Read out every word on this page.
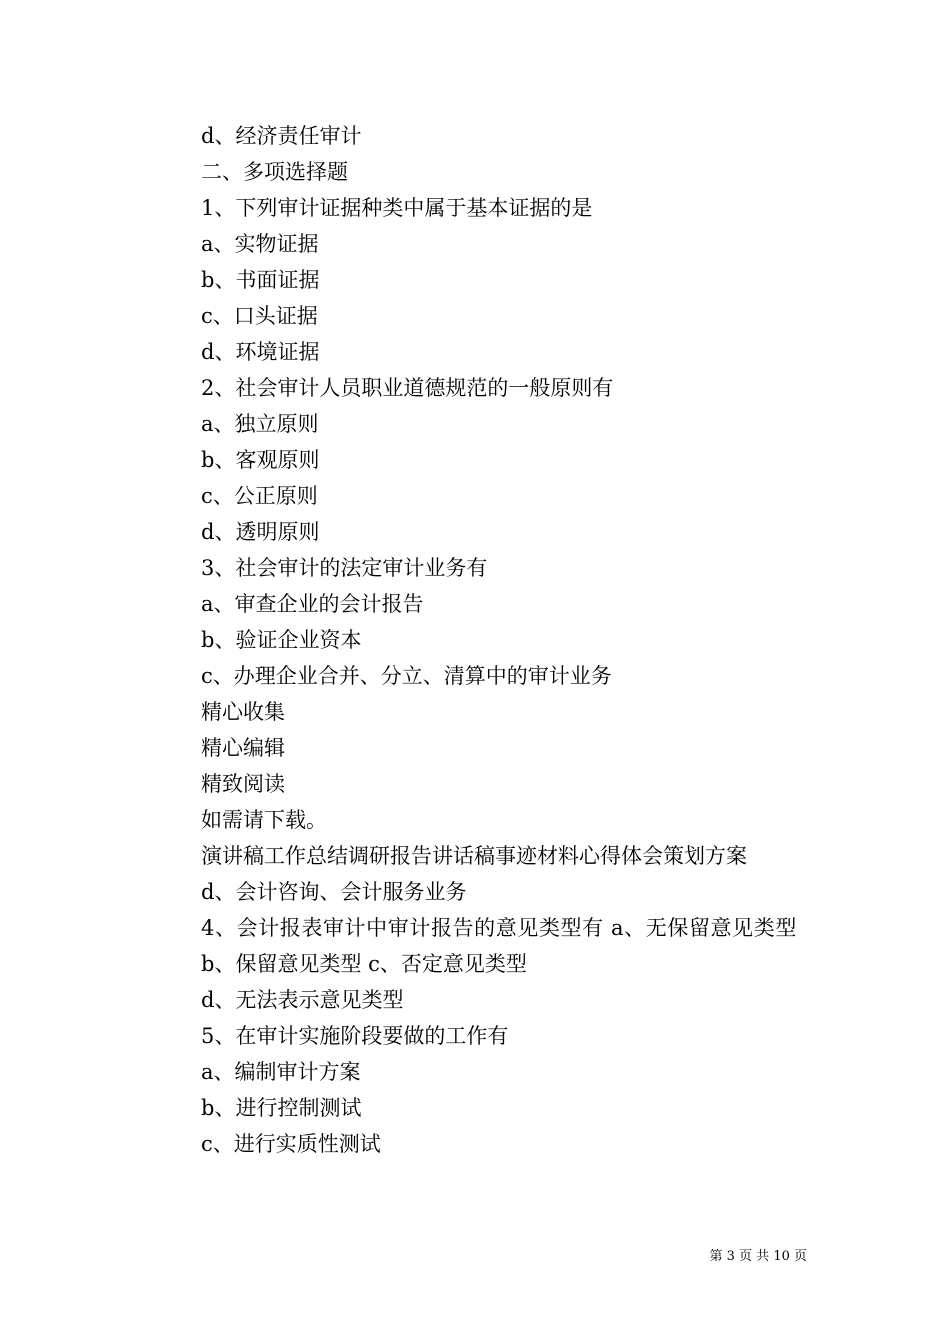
d、经济责任审计
二、多项选择题
1、下列审计证据种类中属于基本证据的是
a、实物证据
b、书面证据
c、口头证据
d、环境证据
2、社会审计人员职业道德规范的一般原则有
a、独立原则
b、客观原则
c、公正原则
d、透明原则
3、社会审计的法定审计业务有
a、审查企业的会计报告
b、验证企业资本
c、办理企业合并、分立、清算中的审计业务
精心收集
精心编辑
精致阅读
如需请下载。
演讲稿工作总结调研报告讲话稿事迹材料心得体会策划方案
d、会计咨询、会计服务业务
4、会计报表审计中审计报告的意见类型有 a、无保留意见类型
b、保留意见类型 c、否定意见类型
d、无法表示意见类型
5、在审计实施阶段要做的工作有
a、编制审计方案
b、进行控制测试
c、进行实质性测试
第 3 页 共 10 页
